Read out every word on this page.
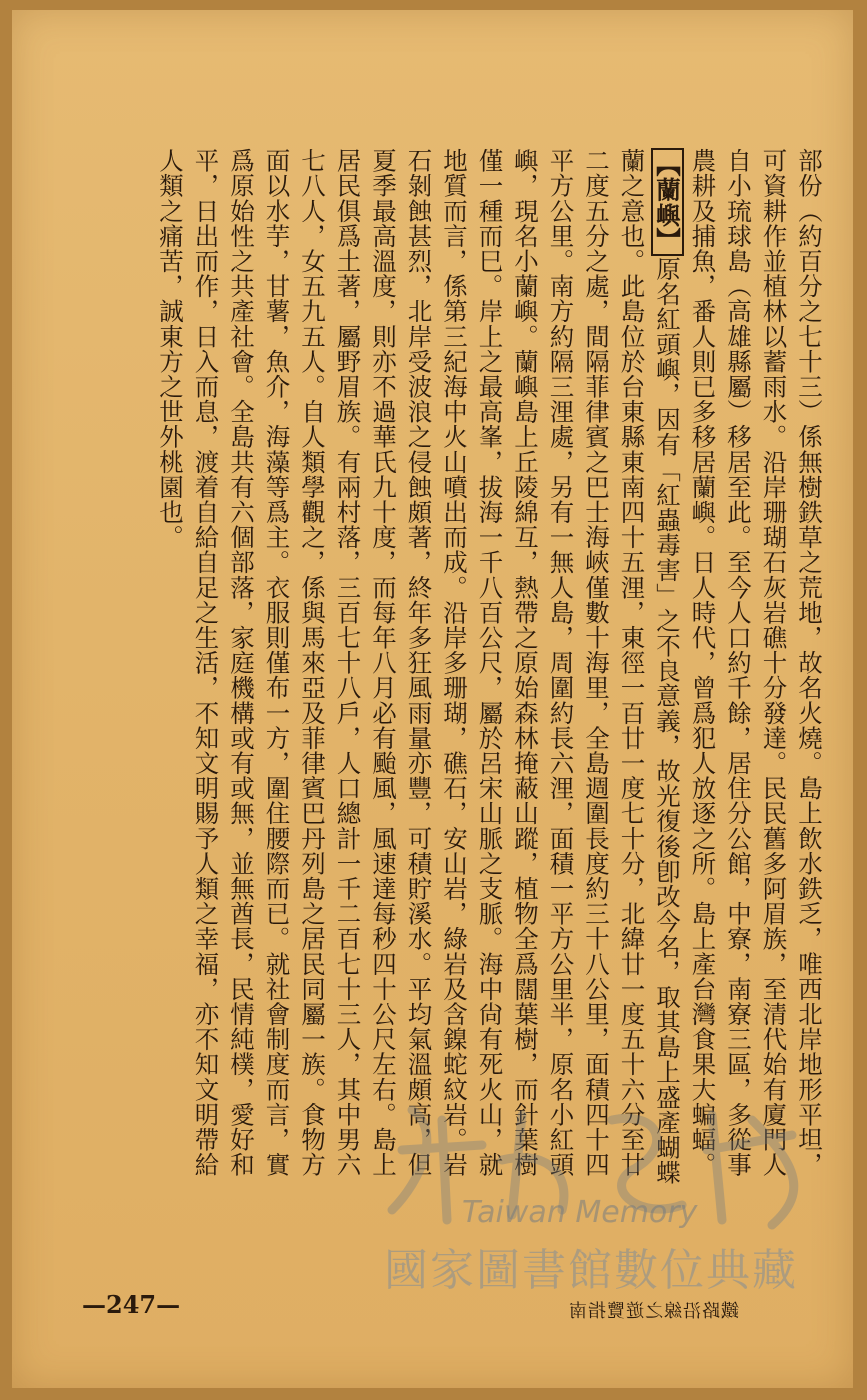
部份（約百分之七十三）係無樹鉄草之荒地，故名火燒。島上飲水鉄乏，唯西北岸地形平坦，可資耕作並植林以蓄雨水。沿岸珊瑚石灰岩礁十分發達。民民舊多阿眉族，至清代始有廈門人自小琉球島（高雄縣屬）移居至此。至今人口約千餘，居住分公館，中寮，南寮三區，多從事農耕及捕魚，番人則已多移居蘭嶼。日人時代，曾爲犯人放逐之所。島上產台灣食果大蝙蝠。

【蘭嶼】原名紅頭嶼，因有「紅蟲毒害」之不良意義，故光復後卽改今名，取其島上盛產蝴蝶蘭之意也。此島位於台東縣東南四十五浬，東徑一百廿一度七十分，北緯廿一度五十六分至廿二度五分之處，間隔菲律賓之巴士海峽僅數十海里，全島週圍長度約三十八公里，面積四十四平方公里。南方約隔三浬處，另有一無人島，周圍約長六浬，面積一平方公里半，原名小紅頭嶼，現名小蘭嶼。蘭嶼島上丘陵綿互，熱帶之原始森林掩蔽山蹤，植物全爲闊葉樹，而針葉樹僅一種而巳。岸上之最高峯，拔海一千八百公尺，屬於呂宋山脈之支脈。海中尙有死火山，就地質而言，係第三紀海中火山噴出而成。沿岸多珊瑚，礁石，安山岩，綠岩及含鎳蛇紋岩。岩石剝蝕甚烈，北岸受波浪之侵蝕頗著，終年多狂風雨量亦豐，可積貯溪水。平均氣溫頗高，但夏季最高溫度，則亦不過華氏九十度，而每年八月必有颱風，風速達每秒四十公尺左右。島上居民俱爲土著，屬野眉族。有兩村落，三百七十八戶，人口總計一千二百七十三人，其中男六七八人，女五九五人。自人類學觀之，係與馬來亞及菲律賓巴丹列島之居民同屬一族。食物方面以水芋，甘薯，魚介，海藻等爲主。衣服則僅布一方，圍住腰際而已。就社會制度而言，實爲原始性之共產社會。全島共有六個部落，家庭機構或有或無，並無酋長，民情純樸，愛好和平，日出而作，日入而息，渡着自給自足之生活，不知文明賜予人類之幸福，亦不知文明帶給人類之痛苦，誠東方之世外桃園也。

—247—	鐵路沿線之遊覽指南
Taiwan Memory
國家圖書館數位典藏
